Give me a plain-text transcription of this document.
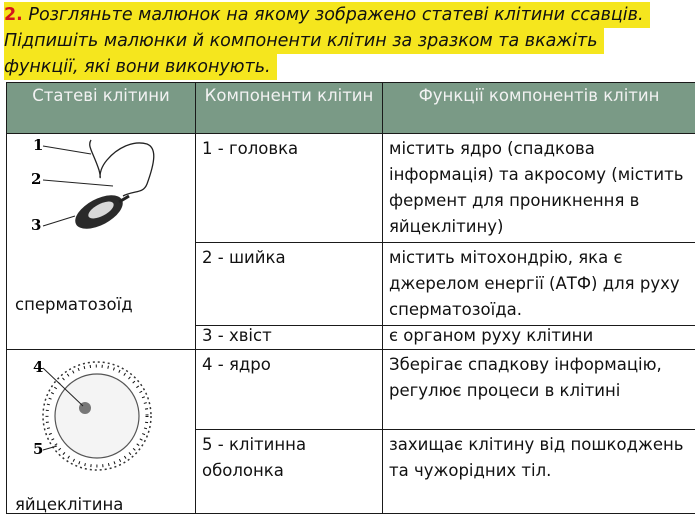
2. Розгляньте малюнок на якому зображено статеві клітини ссавців.
Підпишіть малюнки й компоненти клітин за зразком та вкажіть
функції, які вони виконують.
Статеві клітини	Компоненти клітин	Функції компонентів клітин

1
2
3
сперматозоїд	1 - головка	містить ядро (спадкова інформація) та акросому (містить фермент для проникнення в яйцеклітину)
	2 - шийка	містить мітохондрію, яка є джерелом енергії (АТФ) для руху сперматозоїда.
	3 - хвіст	є органом руху клітини

4
5
яйцеклітина	4 - ядро	Зберігає спадкову інформацію, регулює процеси в клітині
	5 - клітинна оболонка	захищає клітину від пошкоджень та чужорідних тіл.
